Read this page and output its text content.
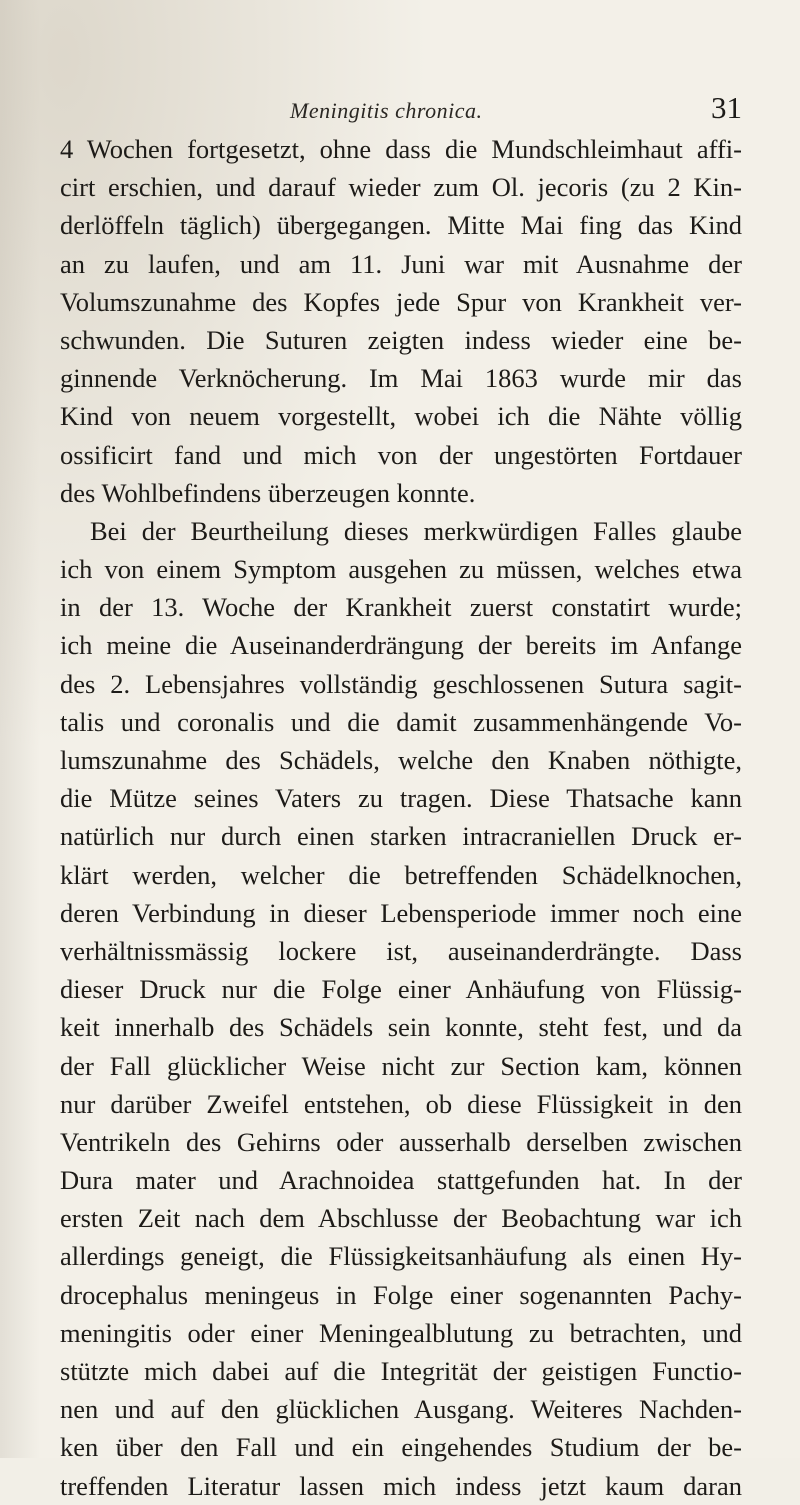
Meningitis chronica.	31
4 Wochen fortgesetzt, ohne dass die Mundschleimhaut affi-
cirt erschien, und darauf wieder zum Ol. jecoris (zu 2 Kin-
derlöffeln täglich) übergegangen. Mitte Mai fing das Kind
an zu laufen, und am 11. Juni war mit Ausnahme der
Volumszunahme des Kopfes jede Spur von Krankheit ver-
schwunden. Die Suturen zeigten indess wieder eine be-
ginnende Verknöcherung. Im Mai 1863 wurde mir das
Kind von neuem vorgestellt, wobei ich die Nähte völlig
ossificirt fand und mich von der ungestörten Fortdauer
des Wohlbefindens überzeugen konnte.
Bei der Beurtheilung dieses merkwürdigen Falles glaube
ich von einem Symptom ausgehen zu müssen, welches etwa
in der 13. Woche der Krankheit zuerst constatirt wurde;
ich meine die Auseinanderdrängung der bereits im Anfange
des 2. Lebensjahres vollständig geschlossenen Sutura sagit-
talis und coronalis und die damit zusammenhängende Vo-
lumszunahme des Schädels, welche den Knaben nöthigte,
die Mütze seines Vaters zu tragen. Diese Thatsache kann
natürlich nur durch einen starken intracraniellen Druck er-
klärt werden, welcher die betreffenden Schädelknochen,
deren Verbindung in dieser Lebensperiode immer noch eine
verhältnissmässig lockere ist, auseinanderdrängte. Dass
dieser Druck nur die Folge einer Anhäufung von Flüssig-
keit innerhalb des Schädels sein konnte, steht fest, und da
der Fall glücklicher Weise nicht zur Section kam, können
nur darüber Zweifel entstehen, ob diese Flüssigkeit in den
Ventrikeln des Gehirns oder ausserhalb derselben zwischen
Dura mater und Arachnoidea stattgefunden hat. In der
ersten Zeit nach dem Abschlusse der Beobachtung war ich
allerdings geneigt, die Flüssigkeitsanhäufung als einen Hy-
drocephalus meningeus in Folge einer sogenannten Pachy-
meningitis oder einer Meningealblutung zu betrachten, und
stützte mich dabei auf die Integrität der geistigen Functio-
nen und auf den glücklichen Ausgang. Weiteres Nachden-
ken über den Fall und ein eingehendes Studium der be-
treffenden Literatur lassen mich indess jetzt kaum daran
